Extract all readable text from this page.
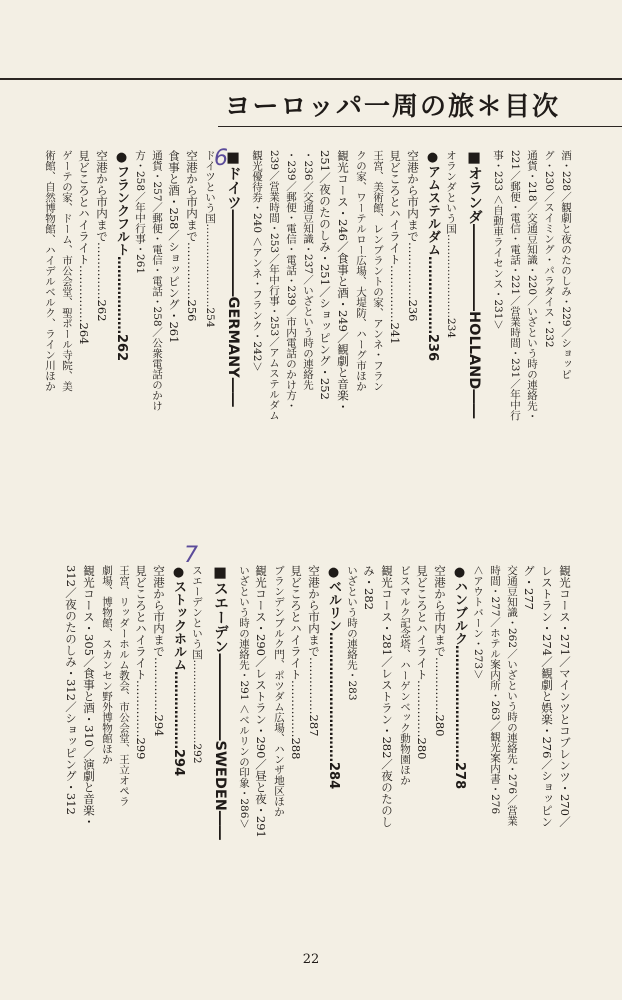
ヨーロッパ一周の旅＊目次
6
7
酒・228／観劇と夜のたのしみ・229／ショッピ
グ・230／スイミング・パラダイス・232
通貨・218／交通豆知識・220／いざという時の連絡先・
221／郵便・電信・電話・221／営業時間・231／年中行
事・233 ＜自動車ライセンス・231＞
■オランダ――――――HOLLAND――
オランダという国……………………234
●アムステルダム………………236
空港から市内まで……………236
見どころとハイライト……………241
王宮、美術館、レンブラントの家、アンネ・フラン
クの家、ワーテルロー広場、大堤防、ハーグ市ほか
観光コース・246／食事と酒・249／観劇と音楽・
251／夜のたのしみ・251／ショッピング・252
・236／交通豆知識・237／いざという時の連絡先
・239／郵便・電信・電話・239／市内電話のかけ方・
239／営業時間・253／年中行事・253／アムステルダム
観光優待券・240 ＜アンネ・フランク・242＞
■ドイツ――――――GERMANY――
ドイツという国……………………254
空港から市内まで……………256
食事と酒・258／ショッピング・261
通貨・257／郵便・電信・電話・258／公衆電話のかけ
方・258／年中行事・261
●フランクフルト………………262
空港から市内まで……………262
見どころとハイライト……………264
ゲーテの家、ドーム、市公会堂、聖ポール寺院、美
術館、自然博物館、ハイデルベルク、ライン川ほか
観光コース・271／マインツとコブレンツ・270／
レストラン・274／観劇と娯楽・276／ショッピン
グ・277
交通豆知識・262／いざという時の連絡先・276／営業
時間・277／ホテル案内所・263／観光案内書・276
＜アウトバーン・273＞
●ハンブルク………………………278
空港から市内まで……………280
見どころとハイライト……………280
ビスマルク記念塔、ハーゲンベック動物園ほか
観光コース・281／レストラン・282／夜のたのし
み・282
いざという時の連絡先・283
●ベルリン…………………………284
空港から市内まで……………287
見どころとハイライト……………288
ブランデンブルク門、ポツダム広場、ハンザ地区ほか
観光コース・290／レストラン・290／昼と夜・291
いざという時の連絡先・291 ＜ベルリンの印象・286＞
■スエーデン――――――SWEDEN――
スエーデンという国……………………292
●ストックホルム………………294
空港から市内まで……………294
見どころとハイライト……………299
王宮、リッダーホルム教会、市公会堂、王立オペラ
劇場、博物館、スカンセン野外博物館ほか
観光コース・305／食事と酒・310／演劇と音楽・
312／夜のたのしみ・312／ショッピング・312
22
